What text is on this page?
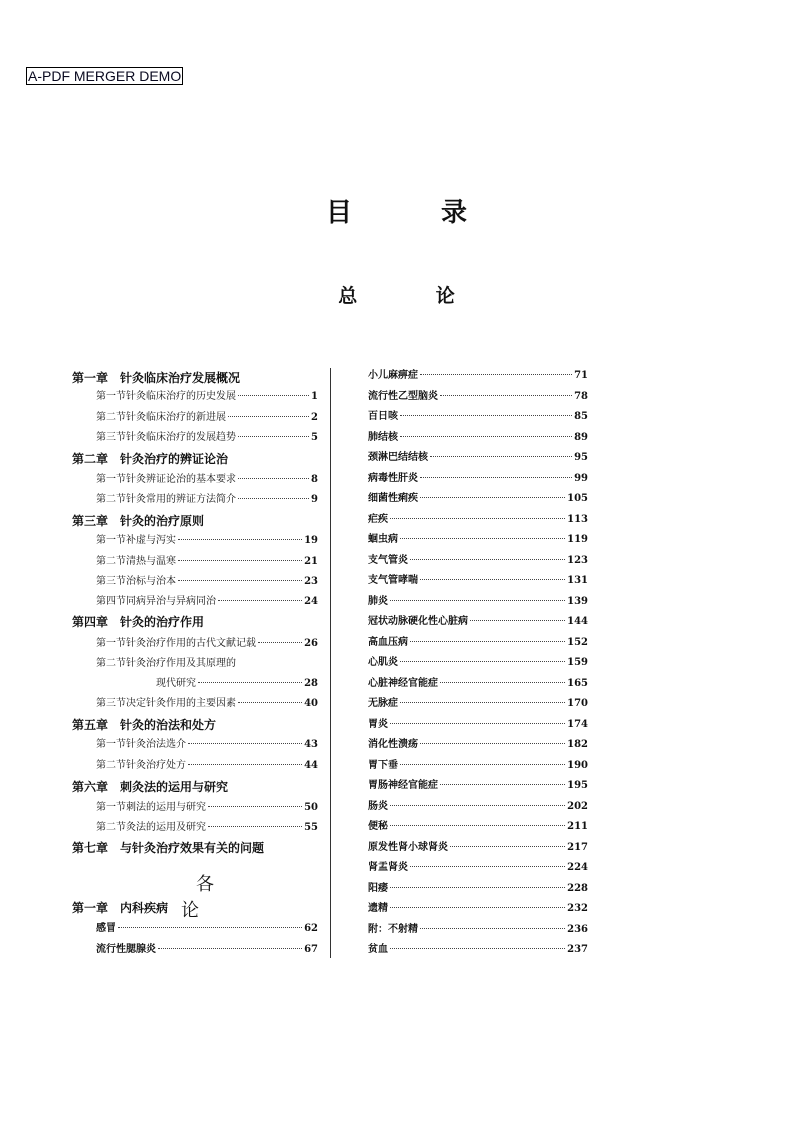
A-PDF MERGER DEMO
目 录
总 论
各 论
第一章 针灸临床治疗发展概况
第一节 针灸临床治疗的历史发展	1
第二节 针灸临床治疗的新进展	2
第三节 针灸临床治疗的发展趋势	5
第二章 针灸治疗的辨证论治
第一节 针灸辨证论治的基本要求	8
第二节 针灸常用的辨证方法简介	9
第三章 针灸的治疗原则
第一节 补虚与泻实	19
第二节 清热与温寒	21
第三节 治标与治本	23
第四节 同病异治与异病同治	24
第四章 针灸的治疗作用
第一节 针灸治疗作用的古代文献记载	26
第二节 针灸治疗作用及其原理的
现代研究	28
第三节 决定针灸作用的主要因素	40
第五章 针灸的治法和处方
第一节 针灸治法选介	43
第二节 针灸治疗处方	44
第六章 刺灸法的运用与研究
第一节 刺法的运用与研究	50
第二节 灸法的运用及研究	55
第七章 与针灸治疗效果有关的问题
第一章 内科疾病
感冒	62
流行性腮腺炎	67
小儿麻痹症	71
流行性乙型脑炎	78
百日咳	85
肺结核	89
颈淋巴结结核	95
病毒性肝炎	99
细菌性痢疾	105
疟疾	113
蛔虫病	119
支气管炎	123
支气管哮喘	131
肺炎	139
冠状动脉硬化性心脏病	144
高血压病	152
心肌炎	159
心脏神经官能症	165
无脉症	170
胃炎	174
消化性溃疡	182
胃下垂	190
胃肠神经官能症	195
肠炎	202
便秘	211
原发性肾小球肾炎	217
肾盂肾炎	224
阳痿	228
遗精	232
附：不射精	236
贫血	237
